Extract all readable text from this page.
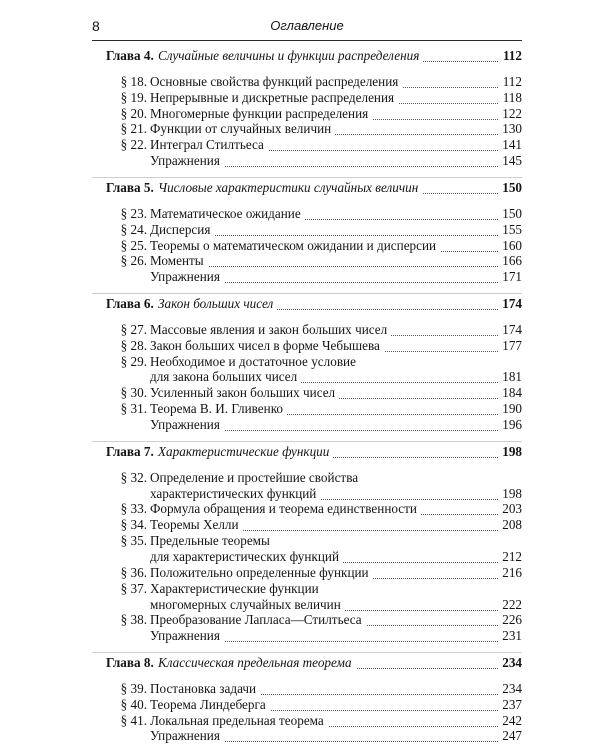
8	Оглавление
Глава 4. Случайные величины и функции распределения	112
§ 18. Основные свойства функций распределения	112
§ 19. Непрерывные и дискретные распределения	118
§ 20. Многомерные функции распределения	122
§ 21. Функции от случайных величин	130
§ 22. Интеграл Стилтьеса	141
Упражнения	145
Глава 5. Числовые характеристики случайных величин	150
§ 23. Математическое ожидание	150
§ 24. Дисперсия	155
§ 25. Теоремы о математическом ожидании и дисперсии	160
§ 26. Моменты	166
Упражнения	171
Глава 6. Закон больших чисел	174
§ 27. Массовые явления и закон больших чисел	174
§ 28. Закон больших чисел в форме Чебышева	177
§ 29. Необходимое и достаточное условие
для закона больших чисел	181
§ 30. Усиленный закон больших чисел	184
§ 31. Теорема В. И. Гливенко	190
Упражнения	196
Глава 7. Характеристические функции	198
§ 32. Определение и простейшие свойства
характеристических функций	198
§ 33. Формула обращения и теорема единственности	203
§ 34. Теоремы Хелли	208
§ 35. Предельные теоремы
для характеристических функций	212
§ 36. Положительно определенные функции	216
§ 37. Характеристические функции
многомерных случайных величин	222
§ 38. Преобразование Лапласа—Стилтьеса	226
Упражнения	231
Глава 8. Классическая предельная теорема	234
§ 39. Постановка задачи	234
§ 40. Теорема Линдеберга	237
§ 41. Локальная предельная теорема	242
Упражнения	247
